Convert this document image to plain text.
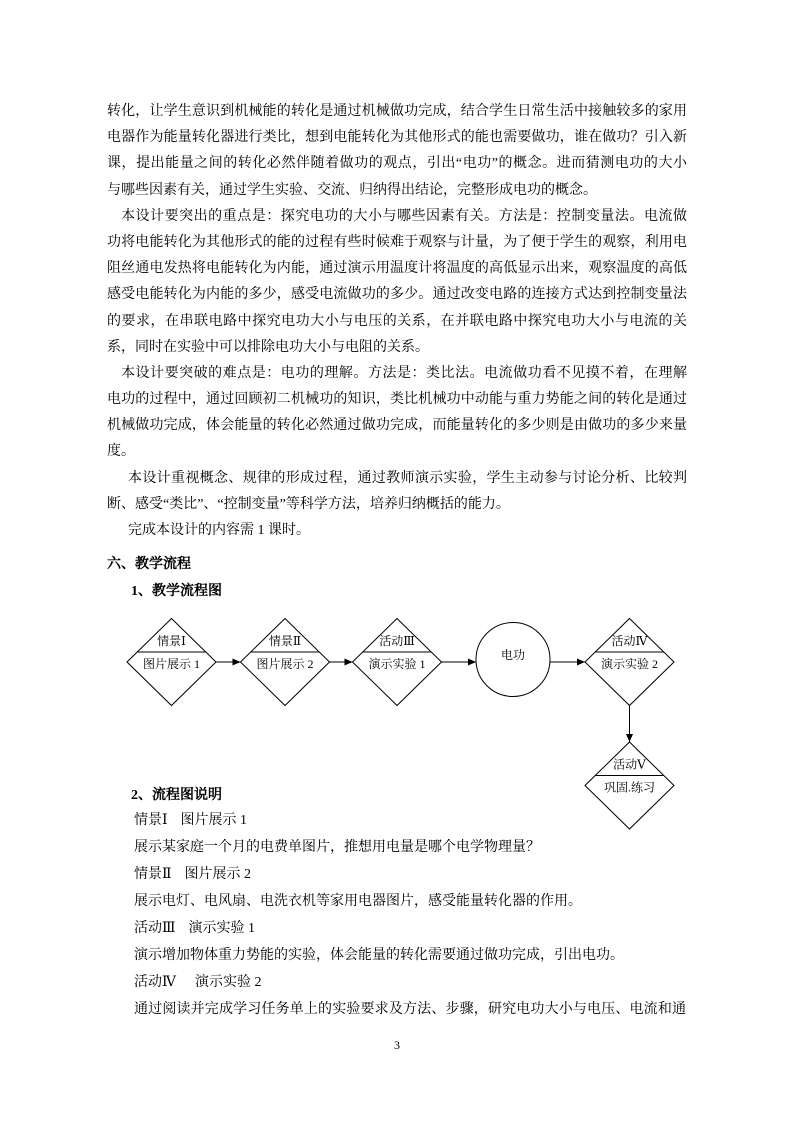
转化，让学生意识到机械能的转化是通过机械做功完成，结合学生日常生活中接触较多的家用
电器作为能量转化器进行类比，想到电能转化为其他形式的能也需要做功，谁在做功？引入新
课，提出能量之间的转化必然伴随着做功的观点，引出“电功”的概念。进而猜测电功的大小
与哪些因素有关，通过学生实验、交流、归纳得出结论，完整形成电功的概念。
本设计要突出的重点是：探究电功的大小与哪些因素有关。方法是：控制变量法。电流做
功将电能转化为其他形式的能的过程有些时候难于观察与计量，为了便于学生的观察，利用电
阻丝通电发热将电能转化为内能，通过演示用温度计将温度的高低显示出来，观察温度的高低
感受电能转化为内能的多少，感受电流做功的多少。通过改变电路的连接方式达到控制变量法
的要求，在串联电路中探究电功大小与电压的关系，在并联电路中探究电功大小与电流的关
系，同时在实验中可以排除电功大小与电阻的关系。
本设计要突破的难点是：电功的理解。方法是：类比法。电流做功看不见摸不着，在理解
电功的过程中，通过回顾初二机械功的知识，类比机械功中动能与重力势能之间的转化是通过
机械做功完成，体会能量的转化必然通过做功完成，而能量转化的多少则是由做功的多少来量
度。
本设计重视概念、规律的形成过程，通过教师演示实验，学生主动参与讨论分析、比较判
断、感受“类比”、“控制变量”等科学方法，培养归纳概括的能力。
完成本设计的内容需 1 课时。
六、教学流程
1、教学流程图
情景Ⅰ
图片展示 1
情景Ⅱ
图片展示 2
活动Ⅲ
演示实验 1
电功
活动Ⅳ
演示实验 2
活动Ⅴ
巩固.练习
2、流程图说明
情景Ⅰ 图片展示 1
展示某家庭一个月的电费单图片，推想用电量是哪个电学物理量？
情景Ⅱ 图片展示 2
展示电灯、电风扇、电洗衣机等家用电器图片，感受能量转化器的作用。
活动Ⅲ 演示实验 1
演示增加物体重力势能的实验，体会能量的转化需要通过做功完成，引出电功。
活动Ⅳ 演示实验 2
通过阅读并完成学习任务单上的实验要求及方法、步骤，研究电功大小与电压、电流和通
3
